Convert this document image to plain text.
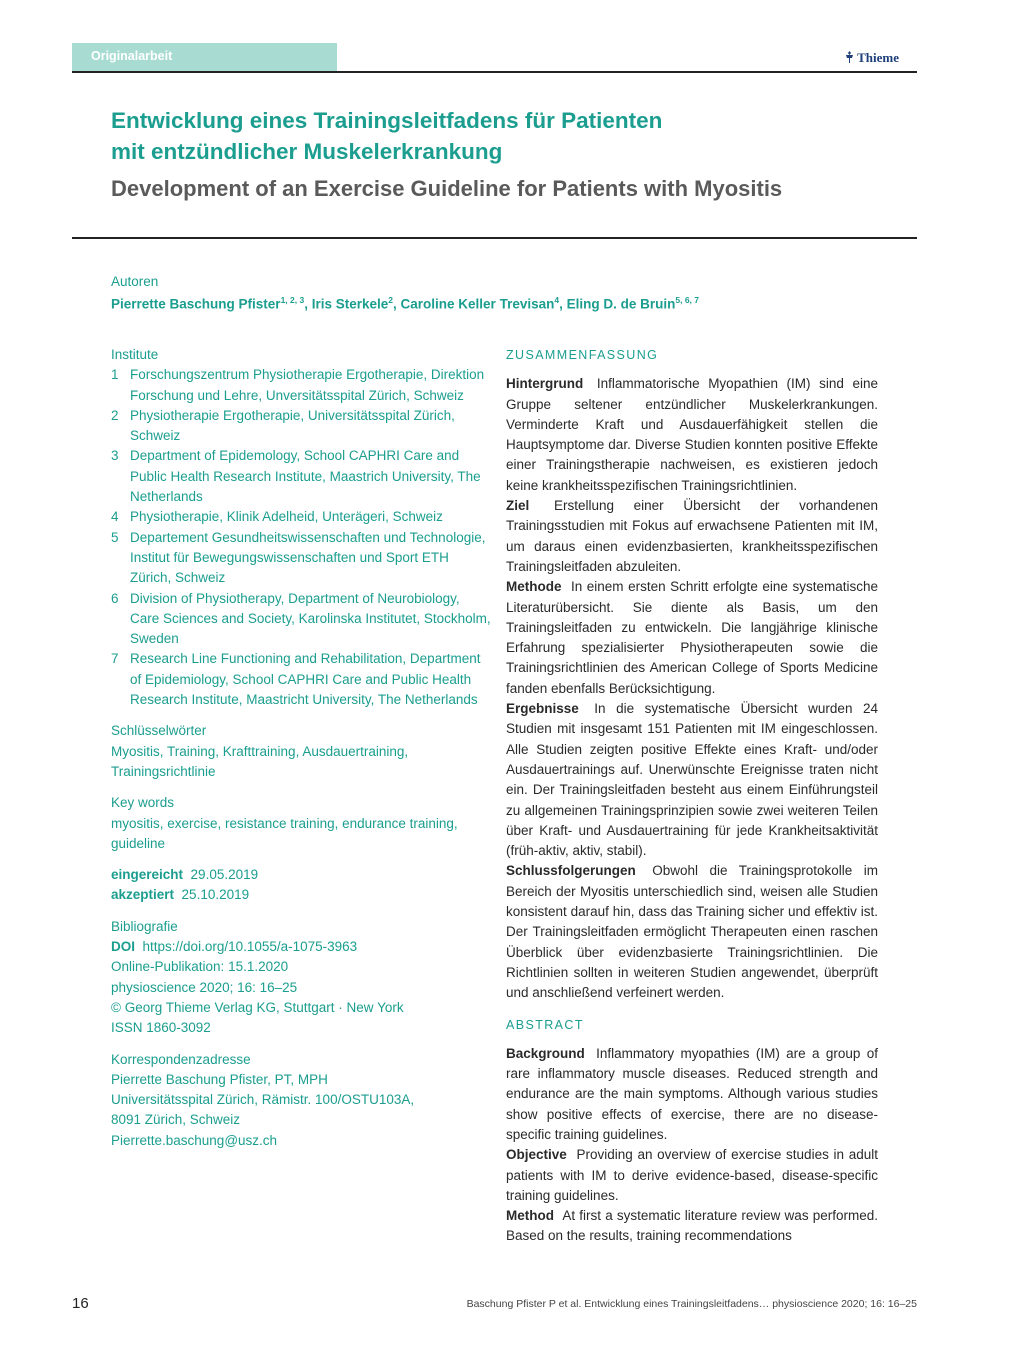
Originalarbeit	Thieme
Entwicklung eines Trainingsleitfadens für Patienten
mit entzündlicher Muskelerkrankung
Development of an Exercise Guideline for Patients with Myositis
Autoren
Pierrette Baschung Pfister$^{1, 2, 3}$, Iris Sterkele$^2$, Caroline Keller Trevisan$^4$, Eling D. de Bruin$^{5, 6, 7}$
Institute
1 Forschungszentrum Physiotherapie Ergotherapie, Direktion Forschung und Lehre, Unversitätsspital Zürich, Schweiz
2 Physiotherapie Ergotherapie, Universitätsspital Zürich, Schweiz
3 Department of Epidemology, School CAPHRI Care and Public Health Research Institute, Maastrich University, The Netherlands
4 Physiotherapie, Klinik Adelheid, Unterägeri, Schweiz
5 Departement Gesundheitswissenschaften und Technologie, Institut für Bewegungswissenschaften und Sport ETH Zürich, Schweiz
6 Division of Physiotherapy, Department of Neurobiology, Care Sciences and Society, Karolinska Institutet, Stockholm, Sweden
7 Research Line Functioning and Rehabilitation, Department of Epidemiology, School CAPHRI Care and Public Health Research Institute, Maastricht University, The Netherlands
Schlüsselwörter
Myositis, Training, Krafttraining, Ausdauertraining, Trainingsrichtlinie
Key words
myositis, exercise, resistance training, endurance training, guideline
eingereicht 29.05.2019
akzeptiert 25.10.2019
Bibliografie
DOI https://doi.org/10.1055/a-1075-3963
Online-Publikation: 15.1.2020
physioscience 2020; 16: 16–25
© Georg Thieme Verlag KG, Stuttgart · New York
ISSN 1860-3092
Korrespondenzadresse
Pierrette Baschung Pfister, PT, MPH
Universitätsspital Zürich, Rämistr. 100/OSTU103A,
8091 Zürich, Schweiz
Pierrette.baschung@usz.ch
ZUSAMMENFASSUNG

Hintergrund Inflammatorische Myopathien (IM) sind eine Gruppe seltener entzündlicher Muskelerkrankungen. Verminderte Kraft und Ausdauerfähigkeit stellen die Hauptsymptome dar. Diverse Studien konnten positive Effekte einer Trainingstherapie nachweisen, es existieren jedoch keine krankheitsspezifischen Trainingsrichtlinien.

Ziel Erstellung einer Übersicht der vorhandenen Trainingsstudien mit Fokus auf erwachsene Patienten mit IM, um daraus einen evidenzbasierten, krankheitsspezifischen Trainingsleitfaden abzuleiten.

Methode In einem ersten Schritt erfolgte eine systematische Literaturübersicht. Sie diente als Basis, um den Trainingsleitfaden zu entwickeln. Die langjährige klinische Erfahrung spezialisierter Physiotherapeuten sowie die Trainingsrichtlinien des American College of Sports Medicine fanden ebenfalls Berücksichtigung.

Ergebnisse In die systematische Übersicht wurden 24 Studien mit insgesamt 151 Patienten mit IM eingeschlossen. Alle Studien zeigten positive Effekte eines Kraft- und/oder Ausdauertrainings auf. Unerwünschte Ereignisse traten nicht ein. Der Trainingsleitfaden besteht aus einem Einführungsteil zu allgemeinen Trainingsprinzipien sowie zwei weiteren Teilen über Kraft- und Ausdauertraining für jede Krankheitsaktivität (früh-aktiv, aktiv, stabil).

Schlussfolgerungen Obwohl die Trainingsprotokolle im Bereich der Myositis unterschiedlich sind, weisen alle Studien konsistent darauf hin, dass das Training sicher und effektiv ist. Der Trainingsleitfaden ermöglicht Therapeuten einen raschen Überblick über evidenzbasierte Trainingsrichtlinien. Die Richtlinien sollten in weiteren Studien angewendet, überprüft und anschließend verfeinert werden.

ABSTRACT

Background Inflammatory myopathies (IM) are a group of rare inflammatory muscle diseases. Reduced strength and endurance are the main symptoms. Although various studies show positive effects of exercise, there are no disease-specific training guidelines.

Objective Providing an overview of exercise studies in adult patients with IM to derive evidence-based, disease-specific training guidelines.

Method At first a systematic literature review was performed. Based on the results, training recommendations

16	Baschung Pfister P et al. Entwicklung eines Trainingsleitfadens… physioscience 2020; 16: 16–25
